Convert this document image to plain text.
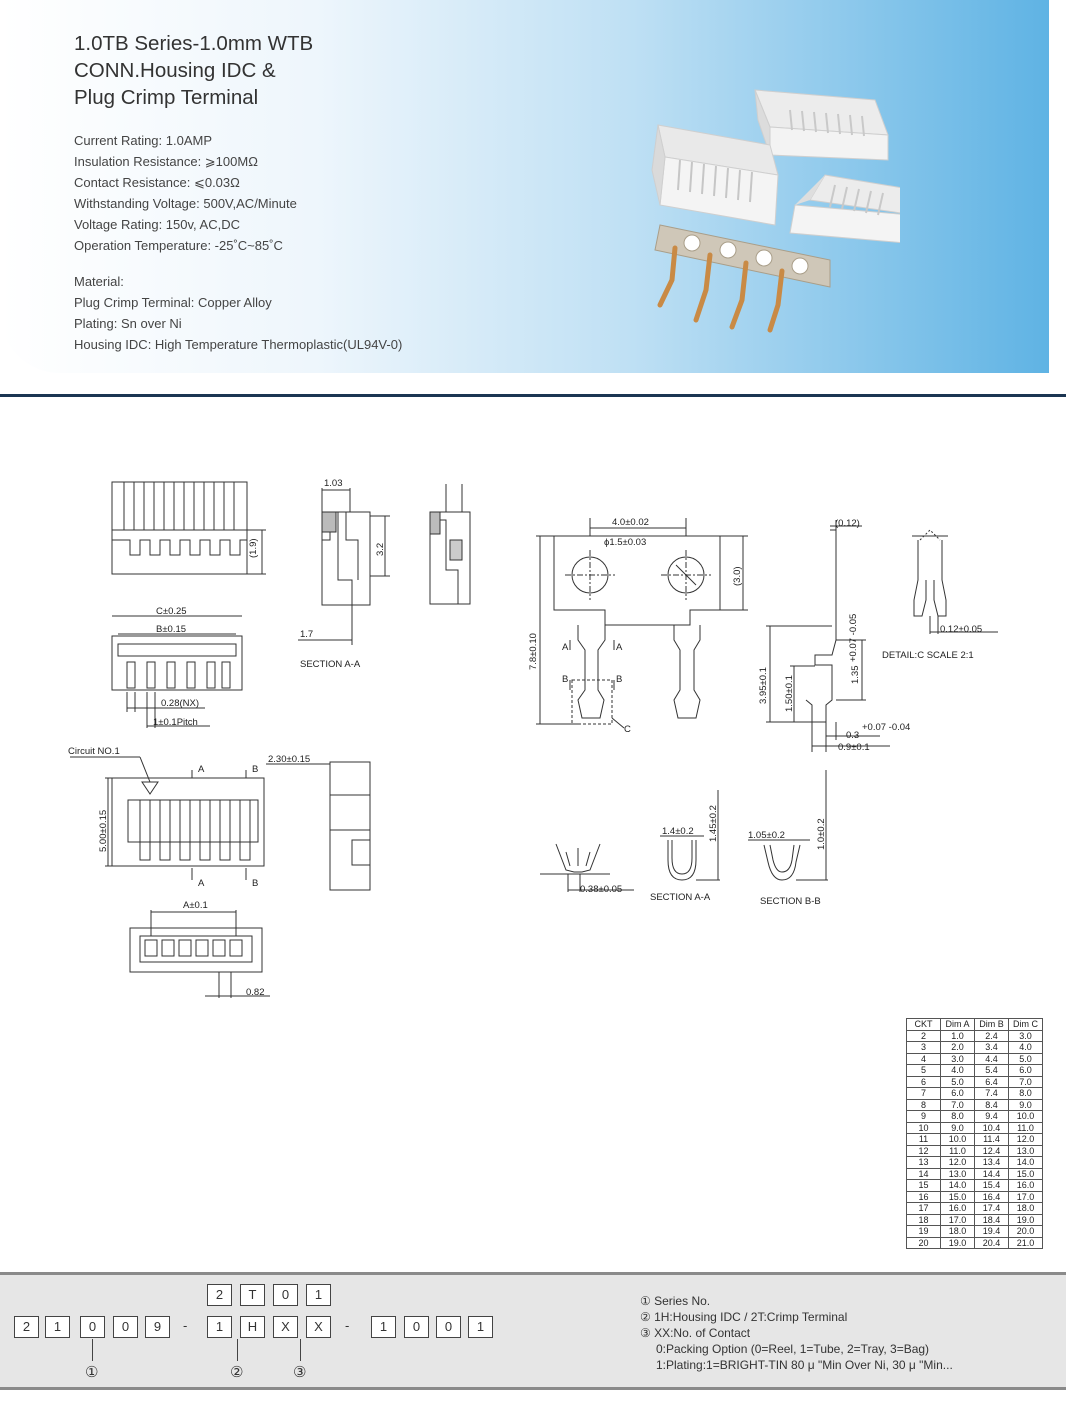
1.0TB Series-1.0mm WTB
CONN.Housing IDC &
Plug Crimp Terminal
Current Rating: 1.0AMP
Insulation Resistance: ⩾100MΩ
Contact Resistance: ⩽0.03Ω
Withstanding Voltage: 500V,AC/Minute
Voltage Rating: 150v, AC,DC
Operation Temperature: -25˚C~85˚C
Material:
Plug Crimp Terminal: Copper Alloy
Plating: Sn over Ni
Housing IDC: High Temperature Thermoplastic(UL94V-0)
(1.9)
1.03
3.2
1.7
SECTION A-A
C±0.25
B±0.15
0.28(NX)
1±0.1Pitch
Circuit NO.1
A	B
A	B
5.00±0.15
2.30±0.15
A±0.1
0.82
4.0±0.02
ϕ1.5±0.03
(3.0)
7.8±0.10 A	A
B	B
C
(0.12)
3.95±0.1 1.50±0.1
1.35
+0.07 -0.05
0.3
+0.07 -0.04
0.9±0.1
0.12±0.05
DETAIL:C SCALE 2:1
0.38±0.05
1.4±0.2 1.45±0.2
SECTION A-A
1.05±0.2	1.0±0.2
SECTION B-B
CKT	Dim A	Dim B	Dim C
2	1.0	2.4	3.0
3	2.0	3.4	4.0
4	3.0	4.4	5.0
5	4.0	5.4	6.0
6	5.0	6.4	7.0
7	6.0	7.4	8.0
8	7.0	8.4	9.0
9	8.0	9.4	10.0
10	9.0	10.4	11.0
11	10.0	11.4	12.0
12	11.0	12.4	13.0
13	12.0	13.4	14.0
14	13.0	14.4	15.0
15	14.0	15.4	16.0
16	15.0	16.4	17.0
17	16.0	17.4	18.0
18	17.0	18.4	19.0
19	18.0	19.4	20.0
20	19.0	20.4	21.0
2	1	0	0	9
2	T	0	1
1	H	X	X	1	0	0	1
-	-
①	②	③
① Series No.
② 1H:Housing IDC / 2T:Crimp Terminal
③ XX:No. of Contact
0:Packing Option (0=Reel, 1=Tube, 2=Tray, 3=Bag)
1:Plating:1=BRIGHT-TIN 80 μ "Min Over Ni, 30 μ "Min...
